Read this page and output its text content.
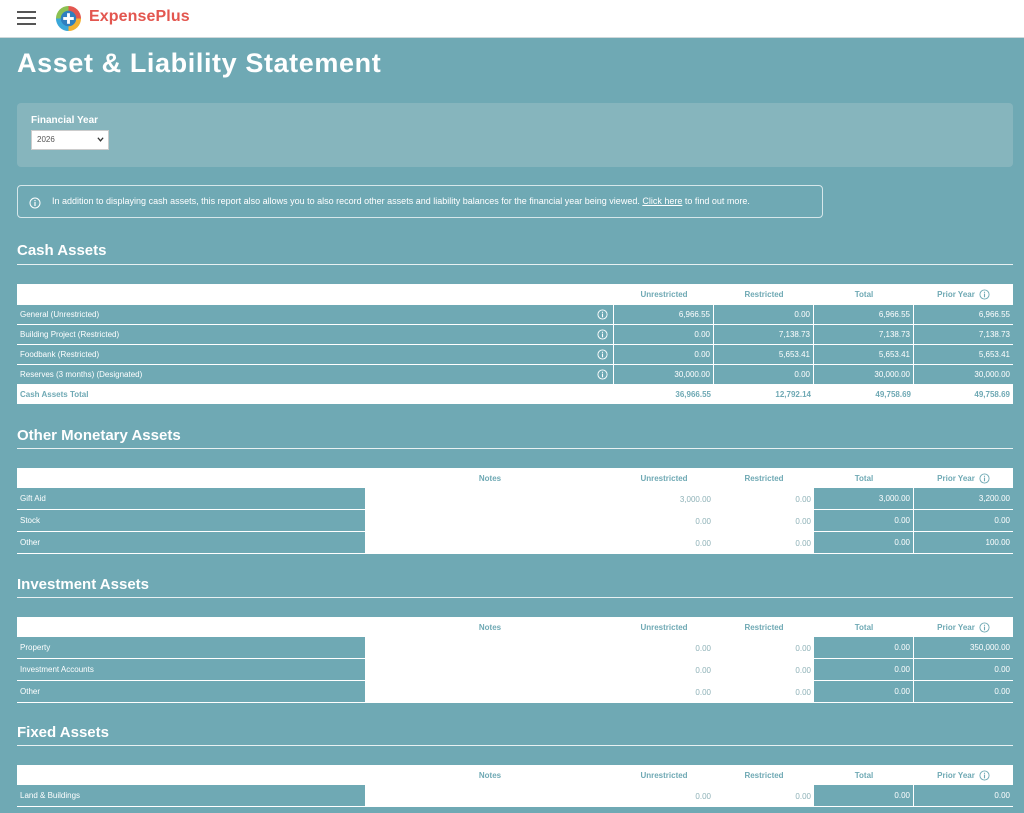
ExpensePlus
Asset & Liability Statement
Financial Year
2026
In addition to displaying cash assets, this report also allows you to also record other assets and liability balances for the financial year being viewed. Click here to find out more.
Cash Assets
Unrestricted	Restricted	Total	Prior Year
General (Unrestricted)	6,966.55	0.00	6,966.55	6,966.55
Building Project (Restricted)	0.00	7,138.73	7,138.73	7,138.73
Foodbank (Restricted)	0.00	5,653.41	5,653.41	5,653.41
Reserves (3 months) (Designated)	30,000.00	0.00	30,000.00	30,000.00
Cash Assets Total	36,966.55	12,792.14	49,758.69	49,758.69
Other Monetary Assets
Notes	Unrestricted	Restricted	Total	Prior Year
Gift Aid	3,000.00	0.00	3,000.00	3,200.00
Stock	0.00	0.00	0.00	0.00
Other	0.00	0.00	0.00	100.00
Investment Assets
Notes	Unrestricted	Restricted	Total	Prior Year
Property	0.00	0.00	0.00	350,000.00
Investment Accounts	0.00	0.00	0.00	0.00
Other	0.00	0.00	0.00	0.00
Fixed Assets
Notes	Unrestricted	Restricted	Total	Prior Year
Land & Buildings	0.00	0.00	0.00	0.00
